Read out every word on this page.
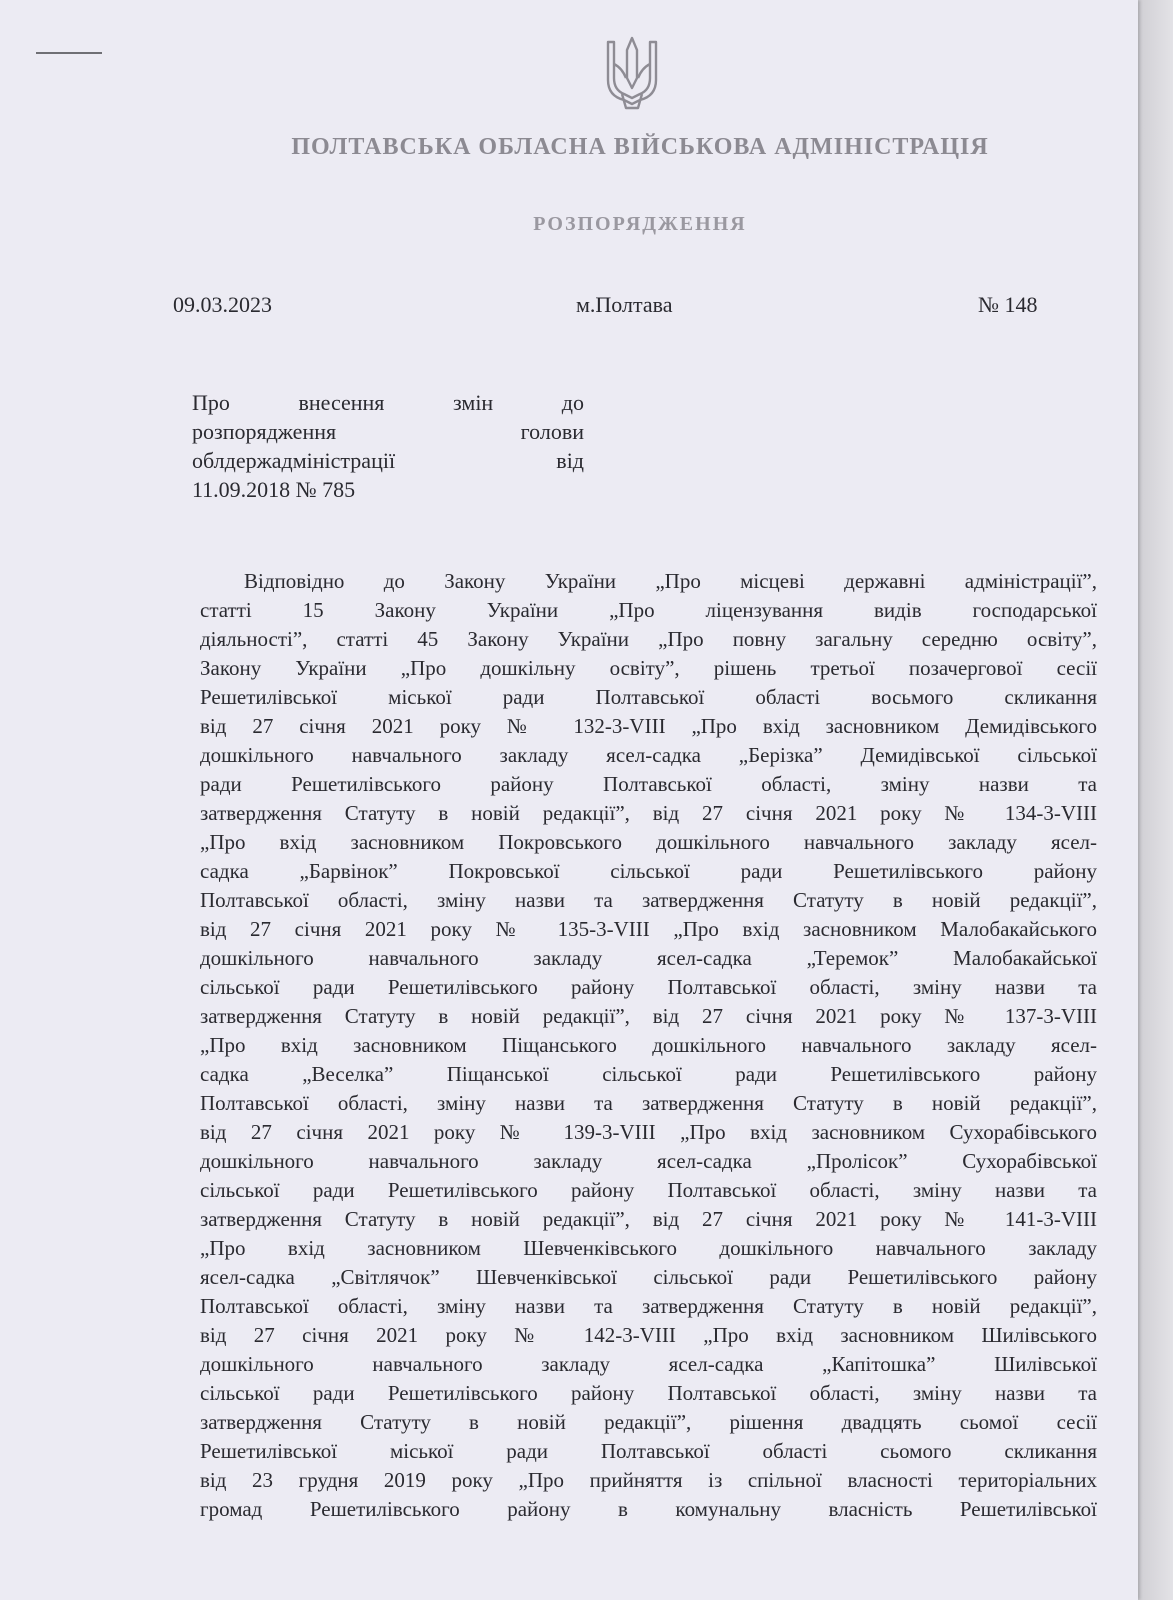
ПОЛТАВСЬКА ОБЛАСНА ВІЙСЬКОВА АДМІНІСТРАЦІЯ
РОЗПОРЯДЖЕННЯ
09.03.2023	м.Полтава	№ 148
Про внесення змін до
розпорядження голови
облдержадміністрації від
11.09.2018 № 785
Відповідно до Закону України „Про місцеві державні адміністрації”,
статті 15 Закону України „Про ліцензування видів господарської
діяльності”, статті 45 Закону України „Про повну загальну середню освіту”,
Закону України „Про дошкільну освіту”, рішень третьої позачергової сесії
Решетилівської міської ради Полтавської області восьмого скликання
від 27 січня 2021 року № 132-3-VIII „Про вхід засновником Демидівського
дошкільного навчального закладу ясел-садка „Берізка” Демидівської сільської
ради Решетилівського району Полтавської області, зміну назви та
затвердження Статуту в новій редакції”, від 27 січня 2021 року № 134-3-VIII
„Про вхід засновником Покровського дошкільного навчального закладу ясел-
садка „Барвінок” Покровської сільської ради Решетилівського району
Полтавської області, зміну назви та затвердження Статуту в новій редакції”,
від 27 січня 2021 року № 135-3-VIII „Про вхід засновником Малобакайського
дошкільного навчального закладу ясел-садка „Теремок” Малобакайської
сільської ради Решетилівського району Полтавської області, зміну назви та
затвердження Статуту в новій редакції”, від 27 січня 2021 року № 137-3-VIII
„Про вхід засновником Піщанського дошкільного навчального закладу ясел-
садка „Веселка” Піщанської сільської ради Решетилівського району
Полтавської області, зміну назви та затвердження Статуту в новій редакції”,
від 27 січня 2021 року № 139-3-VIII „Про вхід засновником Сухорабівського
дошкільного навчального закладу ясел-садка „Пролісок” Сухорабівської
сільської ради Решетилівського району Полтавської області, зміну назви та
затвердження Статуту в новій редакції”, від 27 січня 2021 року № 141-3-VIII
„Про вхід засновником Шевченківського дошкільного навчального закладу
ясел-садка „Світлячок” Шевченківської сільської ради Решетилівського району
Полтавської області, зміну назви та затвердження Статуту в новій редакції”,
від 27 січня 2021 року № 142-3-VIII „Про вхід засновником Шилівського
дошкільного навчального закладу ясел-садка „Капітошка” Шилівської
сільської ради Решетилівського району Полтавської області, зміну назви та
затвердження Статуту в новій редакції”, рішення двадцять сьомої сесії
Решетилівської міської ради Полтавської області сьомого скликання
від 23 грудня 2019 року „Про прийняття із спільної власності територіальних
громад Решетилівського району в комунальну власність Решетилівської
